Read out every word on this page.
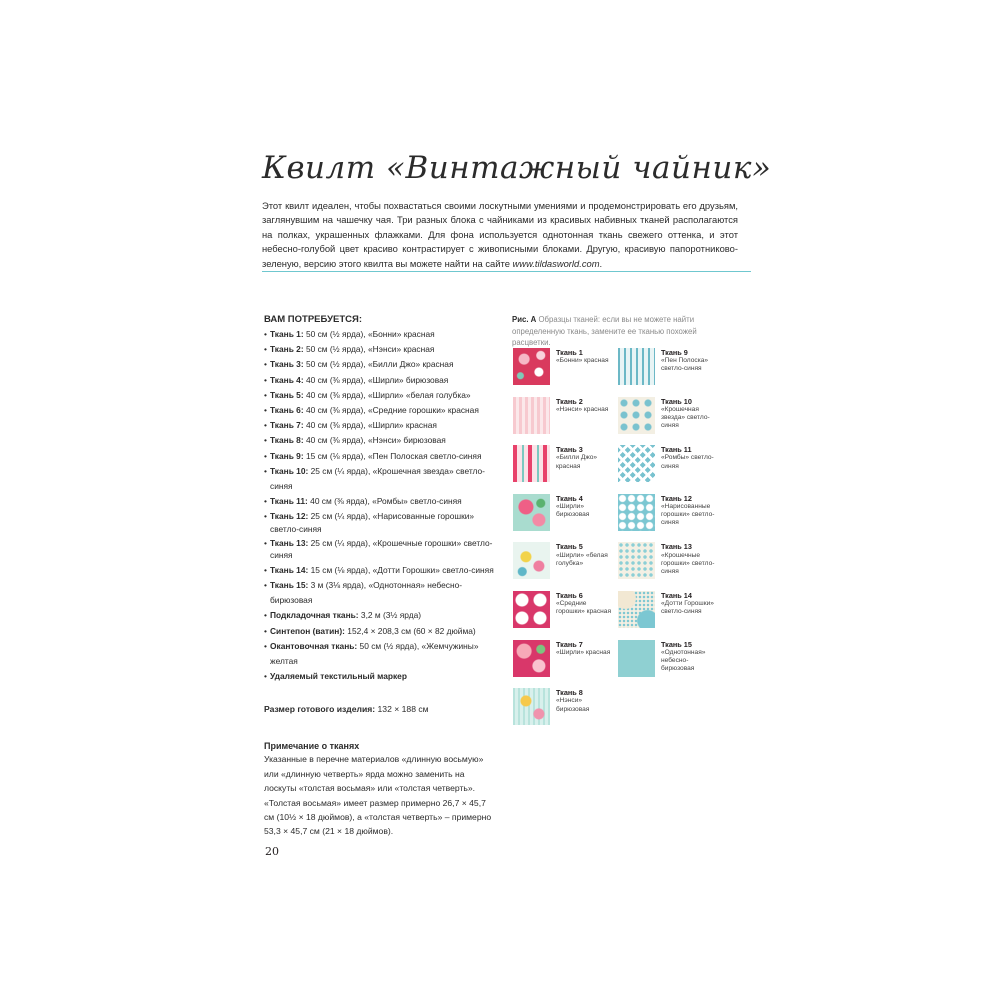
Квилт «Винтажный чайник»
Этот квилт идеален, чтобы похвастаться своими лоскутными умениями и продемонстрировать его друзьям, заглянувшим на чашечку чая. Три разных блока с чайниками из красивых набивных тканей располагаются на полках, украшенных флажками. Для фона используется однотонная ткань свежего оттенка, и этот небесно-голубой цвет красиво контрастирует с живописными блоками. Другую, красивую папоротниково-зеленую, версию этого квилта вы можете найти на сайте www.tildasworld.com.
ВАМ ПОТРЕБУЕТСЯ:
• Ткань 1: 50 см (½ ярда), «Бонни» красная
• Ткань 2: 50 см (½ ярда), «Нэнси» красная
• Ткань 3: 50 см (½ ярда), «Билли Джо» красная
• Ткань 4: 40 см (⅜ ярда), «Ширли» бирюзовая
• Ткань 5: 40 см (⅜ ярда), «Ширли» «белая голубка»
• Ткань 6: 40 см (⅜ ярда), «Средние горошки» красная
• Ткань 7: 40 см (⅜ ярда), «Ширли» красная
• Ткань 8: 40 см (⅜ ярда), «Нэнси» бирюзовая
• Ткань 9: 15 см (⅛ ярда), «Пен Полоская светло-синяя
• Ткань 10: 25 см (¼ ярда), «Крошечная звезда» светло-синяя
• Ткань 11: 40 см (⅜ ярда), «Ромбы» светло-синяя
• Ткань 12: 25 см (¼ ярда), «Нарисованные горошки» светло-синяя
• Ткань 13: 25 см (¼ ярда), «Крошечные горошки» светло-синяя
• Ткань 14: 15 см (⅛ ярда), «Дотти Горошки» светло-синяя
• Ткань 15: 3 м (3⅛ ярда), «Однотонная» небесно-бирюзовая
• Подкладочная ткань: 3,2 м (3½ ярда)
• Синтепон (ватин): 152,4 × 208,3 см (60 × 82 дюйма)
• Окантовочная ткань: 50 см (½ ярда), «Жемчужины» желтая
• Удаляемый текстильный маркер
Размер готового изделия: 132 × 188 см
Примечание о тканях
Указанные в перечне материалов «длинную восьмую» или «длинную четверть» ярда можно заменить на лоскуты «толстая восьмая» или «толстая четверть». «Толстая восьмая» имеет размер примерно 26,7 × 45,7 см (10½ × 18 дюймов), а «толстая четверть» – примерно 53,3 × 45,7 см (21 × 18 дюймов).
Рис. А Образцы тканей: если вы не можете найти определенную ткань, замените ее тканью похожей расцветки.
Ткань 1
«Бонни» красная
Ткань 2
«Нэнси» красная
Ткань 3
«Билли Джо» красная
Ткань 4
«Ширли» бирюзовая
Ткань 5
«Ширли» «белая голубка»
Ткань 6
«Средние горошки» красная
Ткань 7
«Ширли» красная
Ткань 8
«Нэнси» бирюзовая
Ткань 9
«Пен Полоска» светло-синяя
Ткань 10
«Крошечная звезда» светло-синяя
Ткань 11
«Ромбы» светло-синяя
Ткань 12
«Нарисованные горошки» светло-синяя
Ткань 13
«Крошечные горошки» светло-синяя
Ткань 14
«Дотти Горошки» светло-синяя
Ткань 15
«Однотонная» небесно-бирюзовая
20
